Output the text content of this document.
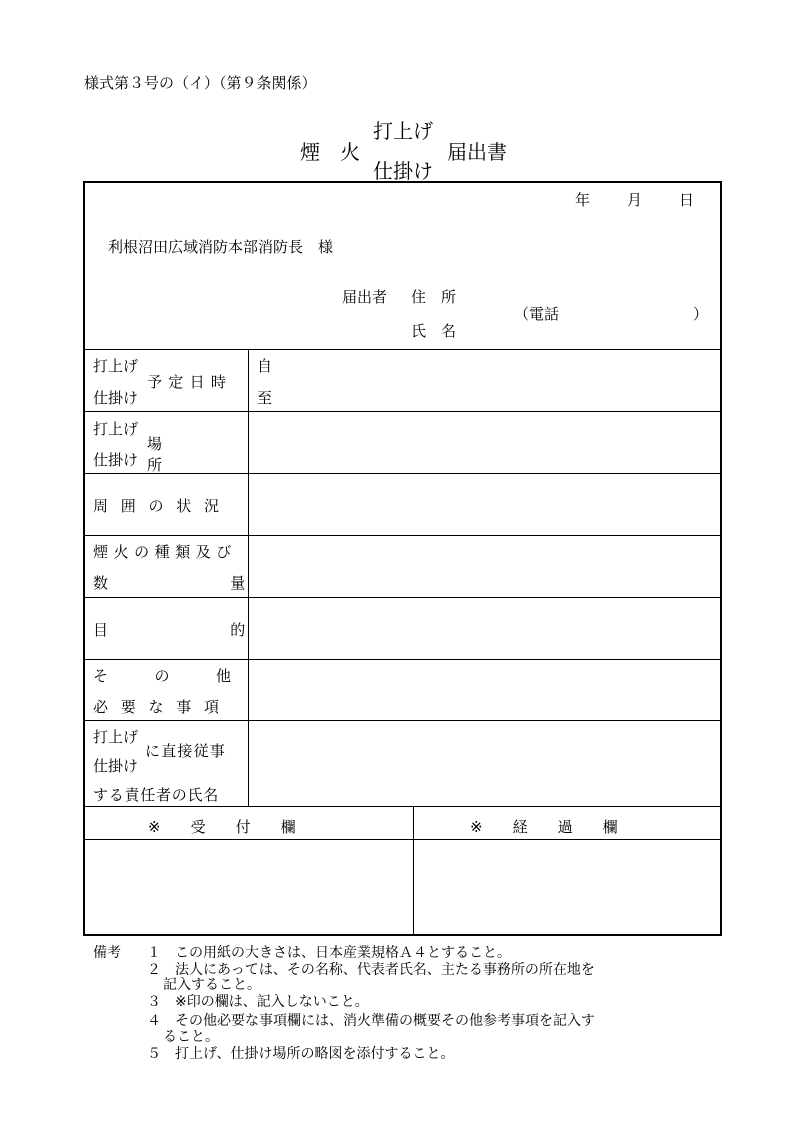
様式第３号の（イ）（第９条関係）
煙　火
打上げ
仕掛け
届出書
年 月 日
利根沼田広域消防本部消防長　様
届出者 住　所
（電話	）
氏　名
打上げ
仕掛け
予定日時
自
至
打上げ
仕掛け
場所
周囲の状況
煙火の種類及び
数量
目的
その他
必要な事項
打上げ
仕掛け
に直接従事
する責任者の氏名
※　　受　　付　　欄	※　　経　　過　　欄
備考 １　この用紙の大きさは、日本産業規格Ａ４とすること。
２　法人にあっては、その名称、代表者氏名、主たる事務所の所在地を
記入すること。
３　※印の欄は、記入しないこと。
４　その他必要な事項欄には、消火準備の概要その他参考事項を記入す
ること。
５　打上げ、仕掛け場所の略図を添付すること。
